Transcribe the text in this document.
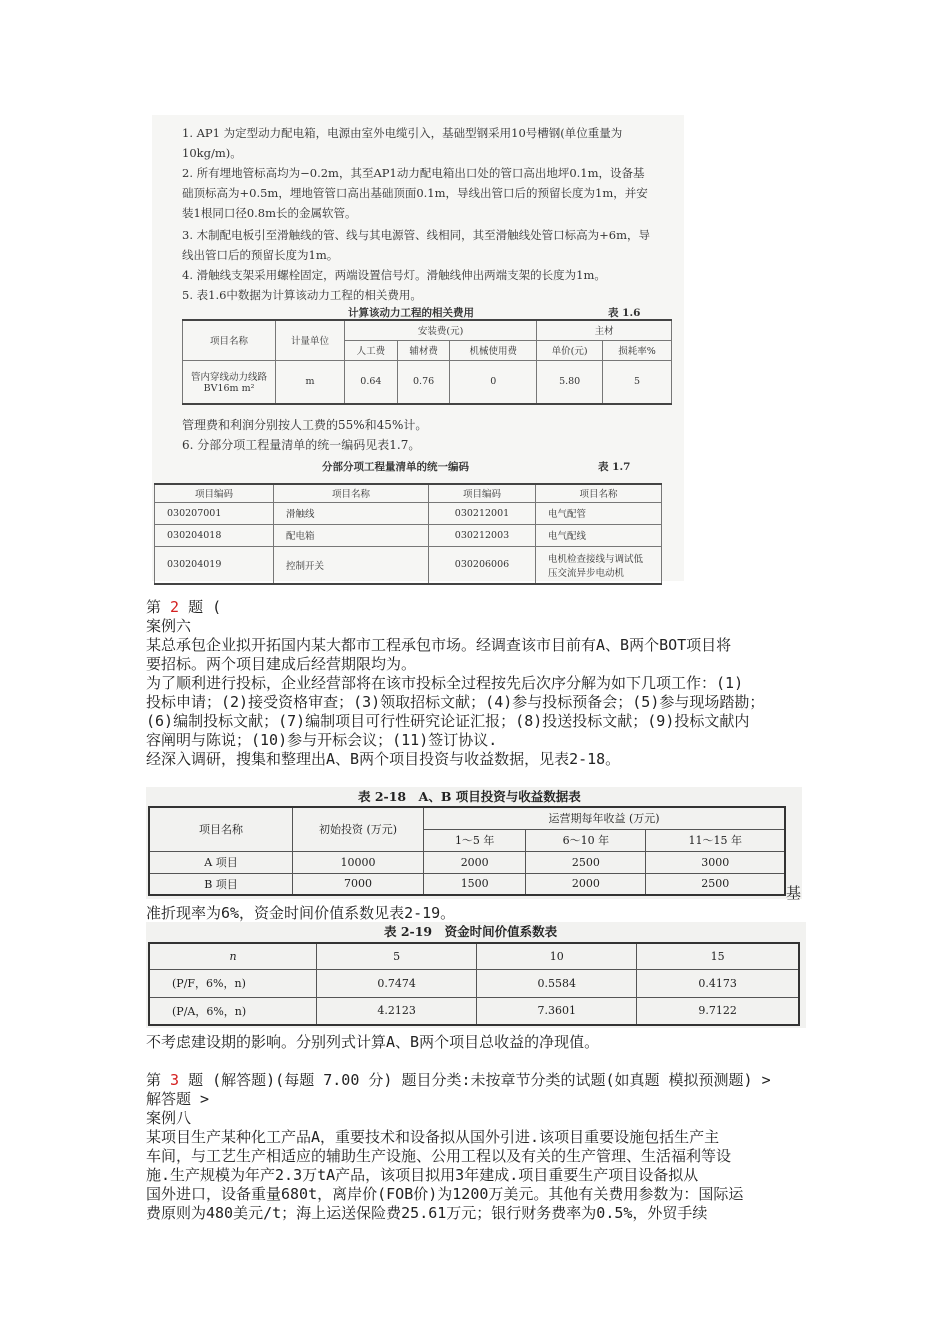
1. AP1 为定型动力配电箱，电源由室外电缆引入，基础型钢采用10号槽钢(单位重量为10kg/m)。

2. 所有埋地管标高均为−0.2m，其至AP1动力配电箱出口处的管口高出地坪0.1m，设备基础顶标高为+0.5m，埋地管管口高出基础顶面0.1m，导线出管口后的预留长度为1m，并安装1根同口径0.8m长的金属软管。

3. 木制配电板引至滑触线的管、线与其电源管、线相同，其至滑触线处管口标高为+6m，导线出管口后的预留长度为1m。

4. 滑触线支架采用螺栓固定，两端设置信号灯。滑触线伸出两端支架的长度为1m。

5. 表1.6中数据为计算该动力工程的相关费用。

计算该动力工程的相关费用	表 1.6
项目名称	计量单位	安装费(元)			主材	
		人工费	辅材费	机械使用费	单价(元)	损耗率%

管内穿线动力线路
BV16m m²	m	0.64	0.76	0	5.80	5

管理费和利润分别按人工费的55%和45%计。

6. 分部分项工程量清单的统一编码见表1.7。

分部分项工程量清单的统一编码	表 1.7
项目编码	项目名称	项目编码	项目名称
030207001	滑触线	030212001	电气配管
030204018	配电箱	030212003	电气配线
030204019	控制开关	030206006	电机检查接线与调试低
压交流异步电动机
第 2 题 (
案例六
某总承包企业拟开拓国内某大都市工程承包市场。经调查该市目前有A、B两个BOT项目将
要招标。两个项目建成后经营期限均为。
为了顺利进行投标，企业经营部将在该市投标全过程按先后次序分解为如下几项工作：(1)
投标申请；(2)接受资格审查；(3)领取招标文献；(4)参与投标预备会；(5)参与现场踏勘；
(6)编制投标文献；(7)编制项目可行性研究论证汇报；(8)投送投标文献；(9)投标文献内
容阐明与陈说；(10)参与开标会议；(11)签订协议.
经深入调研，搜集和整理出A、B两个项目投资与收益数据，见表2-18。
表 2-18　A、B 项目投资与收益数据表
项目名称	初始投资 (万元)	运营期每年收益 (万元)		
		1～5 年	6～10 年	11～15 年
A 项目	10000	2000	2500	3000
B 项目	7000	1500	2000	2500
基
准折现率为6%，资金时间价值系数见表2-19。
表 2-19　资金时间价值系数表
n	5	10	15
(P/F，6%，n)	0.7474	0.5584	0.4173
(P/A，6%，n)	4.2123	7.3601	9.7122
不考虑建设期的影响。分别列式计算A、B两个项目总收益的净现值。
第 3 题 (解答题)(每题 7.00 分) 题目分类:未按章节分类的试题(如真题 模拟预测题) >
解答题 >
案例八
某项目生产某种化工产品A，重要技术和设备拟从国外引进.该项目重要设施包括生产主
车间，与工艺生产相适应的辅助生产设施、公用工程以及有关的生产管理、生活福利等设
施.生产规模为年产2.3万tA产品，该项目拟用3年建成.项目重要生产项目设备拟从
国外进口，设备重量680t，离岸价(FOB价)为1200万美元。其他有关费用参数为：国际运
费原则为480美元/t；海上运送保险费25.61万元；银行财务费率为0.5%，外贸手续
